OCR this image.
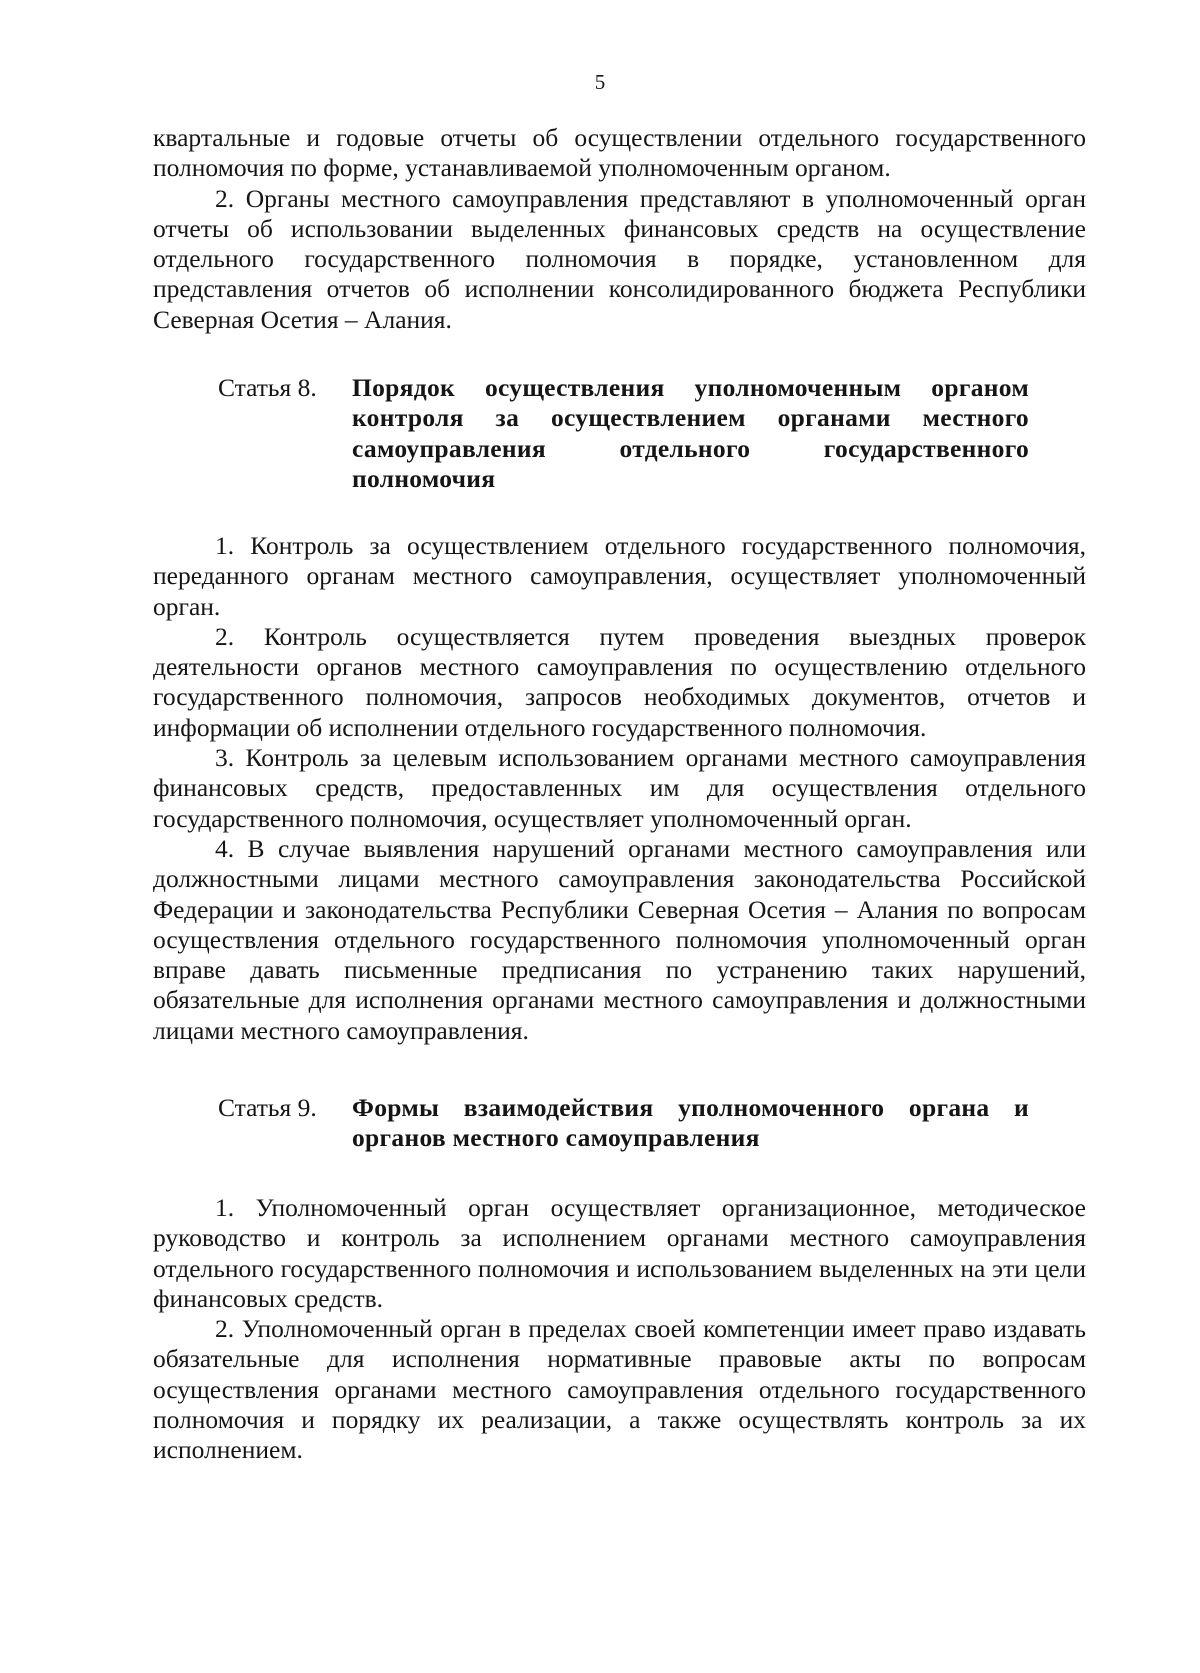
5

квартальные и годовые отчеты об осуществлении отдельного государственного полномочия по форме, устанавливаемой уполномоченным органом.

2. Органы местного самоуправления представляют в уполномоченный орган отчеты об использовании выделенных финансовых средств на осуществление отдельного государственного полномочия в порядке, установленном для представления отчетов об исполнении консолидированного бюджета Республики Северная Осетия – Алания.

Статья 8. Порядок осуществления уполномоченным органом контроля за осуществлением органами местного самоуправления отдельного государственного полномочия

1. Контроль за осуществлением отдельного государственного полномочия, переданного органам местного самоуправления, осуществляет уполномоченный орган.

2. Контроль осуществляется путем проведения выездных проверок деятельности органов местного самоуправления по осуществлению отдельного государственного полномочия, запросов необходимых документов, отчетов и информации об исполнении отдельного государственного полномочия.

3. Контроль за целевым использованием органами местного самоуправления финансовых средств, предоставленных им для осуществления отдельного государственного полномочия, осуществляет уполномоченный орган.

4. В случае выявления нарушений органами местного самоуправления или должностными лицами местного самоуправления законодательства Российской Федерации и законодательства Республики Северная Осетия – Алания по вопросам осуществления отдельного государственного полномочия уполномоченный орган вправе давать письменные предписания по устранению таких нарушений, обязательные для исполнения органами местного самоуправления и должностными лицами местного самоуправления.

Статья 9. Формы взаимодействия уполномоченного органа и органов местного самоуправления

1. Уполномоченный орган осуществляет организационное, методическое руководство и контроль за исполнением органами местного самоуправления отдельного государственного полномочия и использованием выделенных на эти цели финансовых средств.

2. Уполномоченный орган в пределах своей компетенции имеет право издавать обязательные для исполнения нормативные правовые акты по вопросам осуществления органами местного самоуправления отдельного государственного полномочия и порядку их реализации, а также осуществлять контроль за их исполнением.
